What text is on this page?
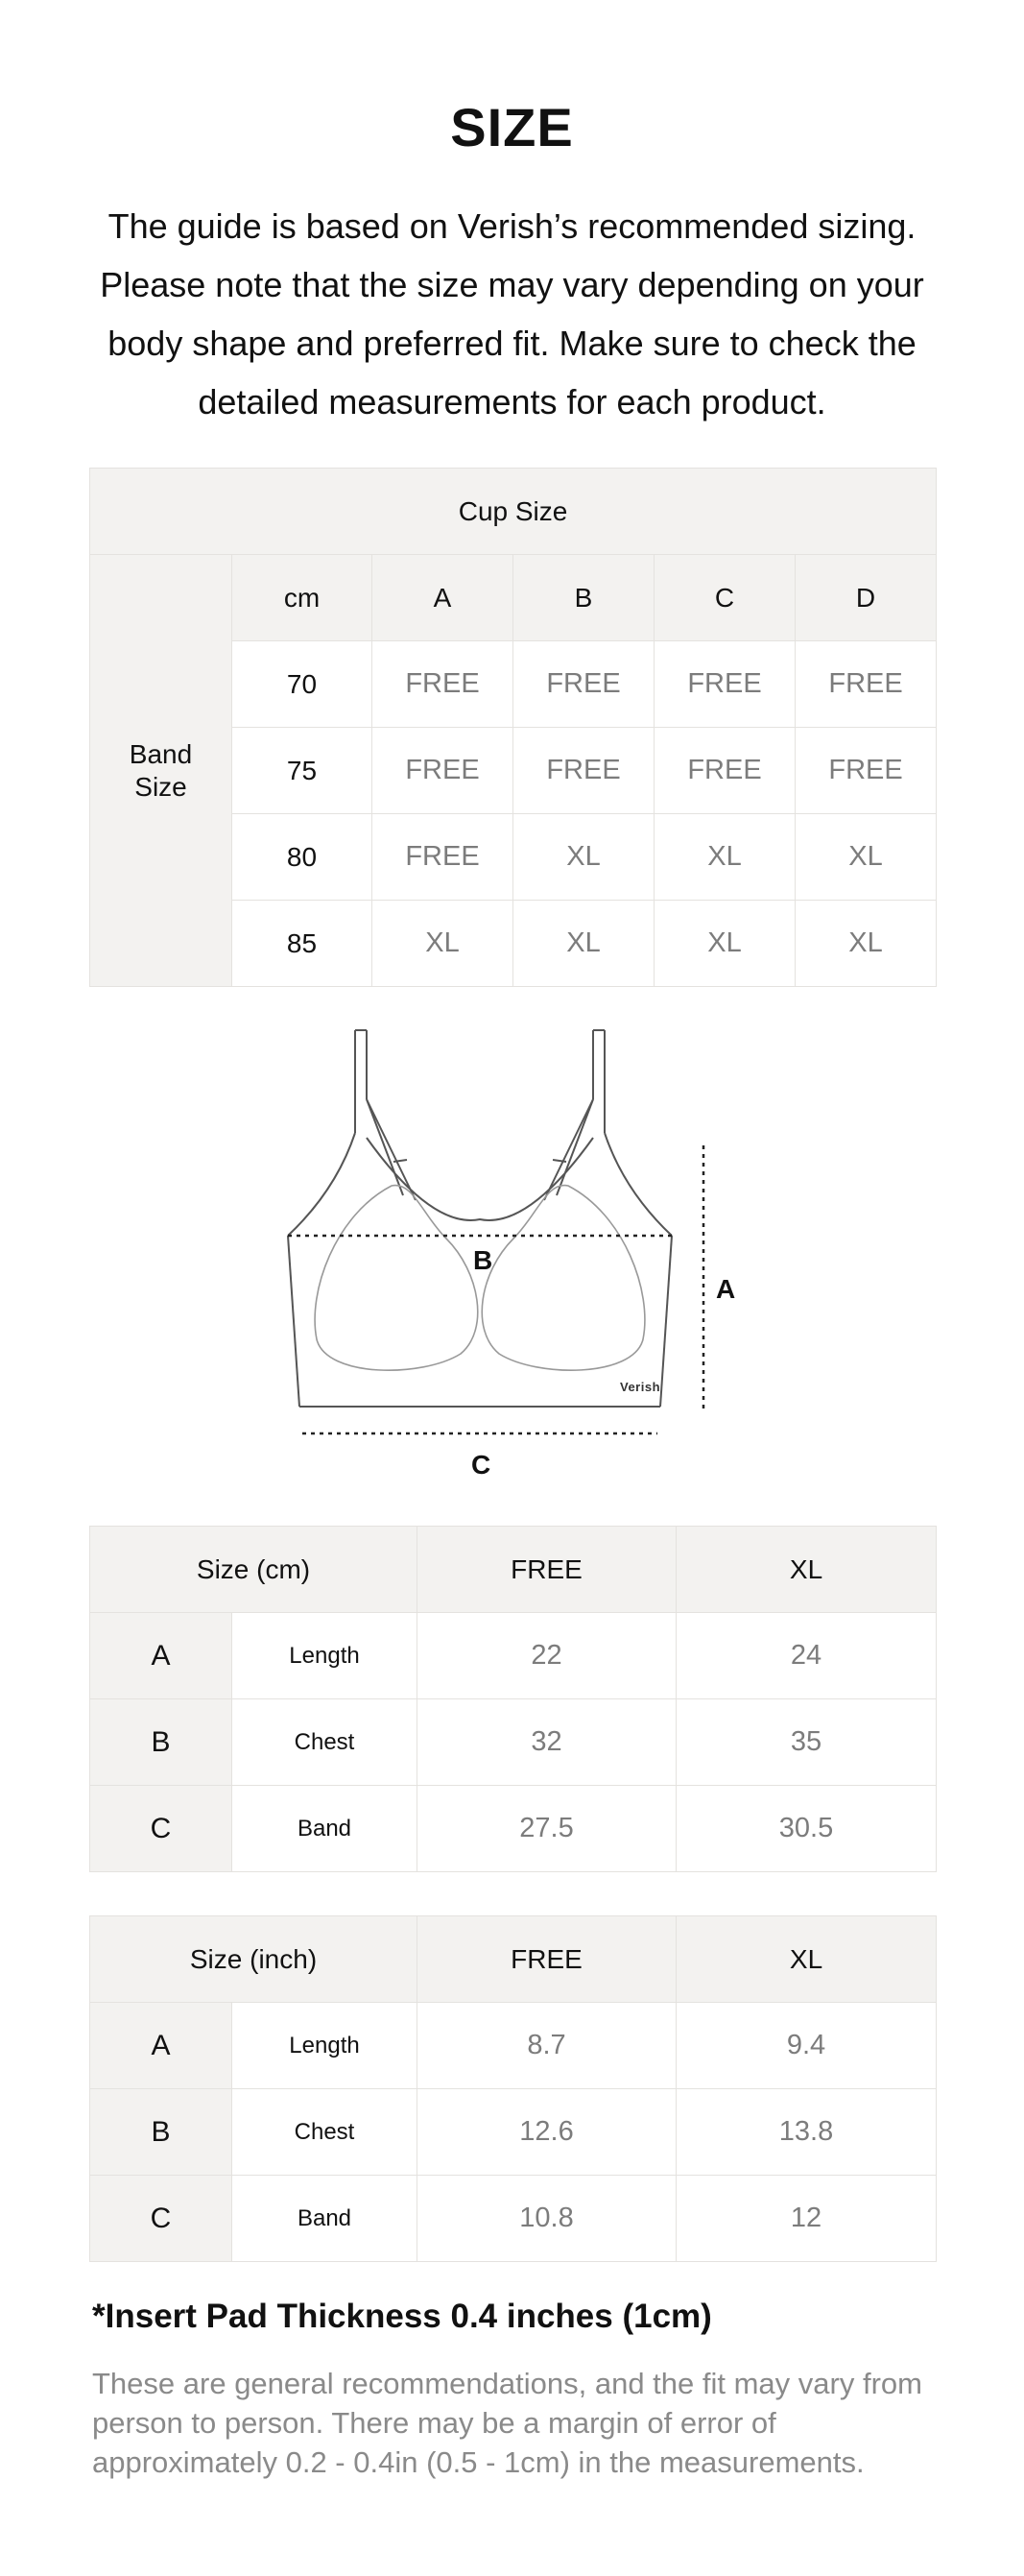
SIZE
The guide is based on Verish’s recommended sizing. Please note that the size may vary depending on your body shape and preferred fit. Make sure to check the detailed measurements for each product.
Cup Size					
Band Size	cm	A	B	C	D
	70	FREE	FREE	FREE	FREE
	75	FREE	FREE	FREE	FREE
	80	FREE	XL	XL	XL
	85	XL	XL	XL	XL
B
A
C
Verish
Size (cm)		FREE	XL
A	Length	22	24
B	Chest	32	35
C	Band	27.5	30.5
Size (inch)		FREE	XL
A	Length	8.7	9.4
B	Chest	12.6	13.8
C	Band	10.8	12
*Insert Pad Thickness 0.4 inches (1cm)
These are general recommendations, and the fit may vary from person to person. There may be a margin of error of approximately 0.2 - 0.4in (0.5 - 1cm) in the measurements.
